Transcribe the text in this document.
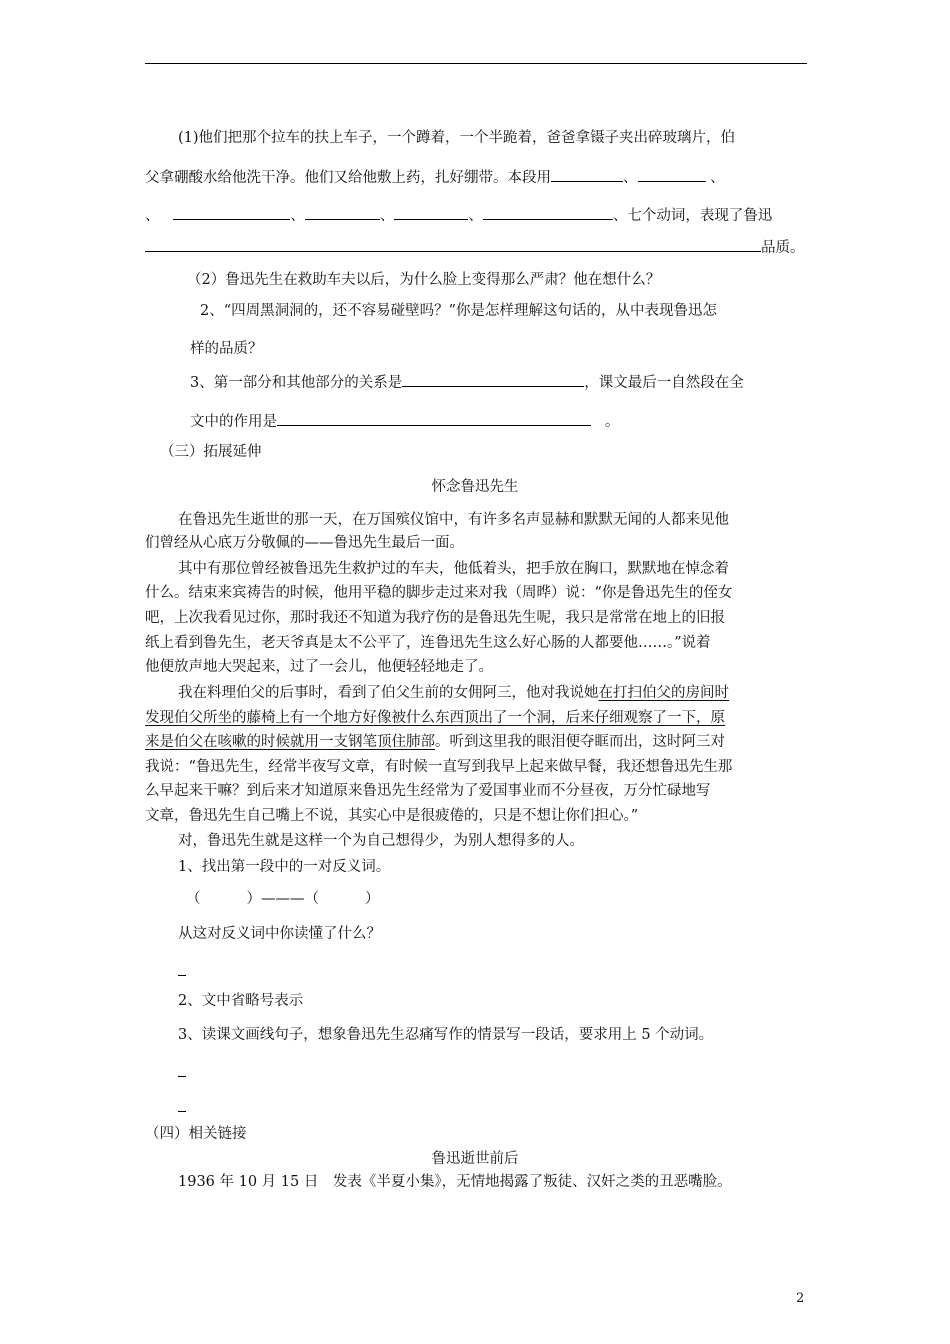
(1)他们把那个拉车的扶上车子，一个蹲着，一个半跪着，爸爸拿镊子夹出碎玻璃片，伯
父拿硼酸水给他洗干净。他们又给他敷上药，扎好绷带。本段用	、	、
、	、	、	、	、七个动词，表现了鲁迅
品质。
（2）鲁迅先生在救助车夫以后，为什么脸上变得那么严肃？他在想什么？
2、“四周黑洞洞的，还不容易碰壁吗？”你是怎样理解这句话的，从中表现鲁迅怎
样的品质？
3、第一部分和其他部分的关系是	，课文最后一自然段在全
文中的作用是	。
（三）拓展延伸
怀念鲁迅先生
在鲁迅先生逝世的那一天，在万国殡仪馆中，有许多名声显赫和默默无闻的人都来见他
们曾经从心底万分敬佩的——鲁迅先生最后一面。
其中有那位曾经被鲁迅先生救护过的车夫，他低着头，把手放在胸口，默默地在悼念着
什么。结束来宾祷告的时候，他用平稳的脚步走过来对我（周晔）说：“你是鲁迅先生的侄女
吧，上次我看见过你，那时我还不知道为我疗伤的是鲁迅先生呢，我只是常常在地上的旧报
纸上看到鲁先生，老天爷真是太不公平了，连鲁迅先生这么好心肠的人都要他……。”说着
他便放声地大哭起来，过了一会儿，他便轻轻地走了。
我在料理伯父的后事时，看到了伯父生前的女佣阿三，他对我说她在打扫伯父的房间时
发现伯父所坐的藤椅上有一个地方好像被什么东西顶出了一个洞，后来仔细观察了一下，原
来是伯父在咳嗽的时候就用一支钢笔顶住肺部。听到这里我的眼泪便夺眶而出，这时阿三对
我说：“鲁迅先生，经常半夜写文章，有时候一直写到我早上起来做早餐，我还想鲁迅先生那
么早起来干嘛？到后来才知道原来鲁迅先生经常为了爱国事业而不分昼夜，万分忙碌地写
文章，鲁迅先生自己嘴上不说，其实心中是很疲倦的，只是不想让你们担心。”
对，鲁迅先生就是这样一个为自己想得少，为别人想得多的人。
1、找出第一段中的一对反义词。
（	）———（	）
从这对反义词中你读懂了什么？
2、文中省略号表示
3、读课文画线句子，想象鲁迅先生忍痛写作的情景写一段话，要求用上 5 个动词。
（四）相关链接
鲁迅逝世前后
1936 年 10 月 15 日　发表《半夏小集》，无情地揭露了叛徒、汉奸之类的丑恶嘴脸。
2
